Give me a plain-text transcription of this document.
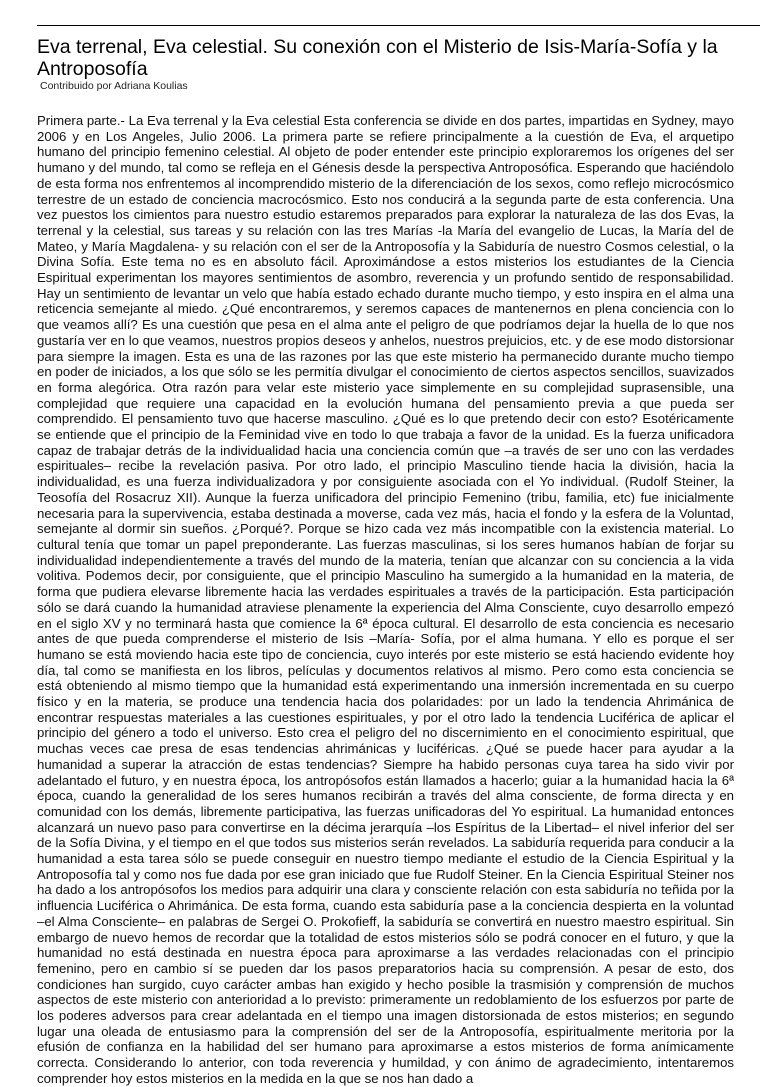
Eva terrenal, Eva celestial. Su conexión con el Misterio de Isis-María-Sofía y la Antroposofía

Contribuido por Adriana Koulias

Primera parte.- La Eva terrenal y la Eva celestial Esta conferencia se divide en dos partes, impartidas en Sydney, mayo 2006 y en Los Angeles, Julio 2006. La primera parte se refiere principalmente a la cuestión de Eva, el arquetipo humano del principio femenino celestial. Al objeto de poder entender este principio exploraremos los orígenes del ser humano y del mundo, tal como se refleja en el Génesis desde la perspectiva Antroposófica. Esperando que haciéndolo de esta forma nos enfrentemos al incomprendido misterio de la diferenciación de los sexos, como reflejo microcósmico terrestre de un estado de conciencia macrocósmico. Esto nos conducirá a la segunda parte de esta conferencia. Una vez puestos los cimientos para nuestro estudio estaremos preparados para explorar la naturaleza de las dos Evas, la terrenal y la celestial, sus tareas y su relación con las tres Marías -la María del evangelio de Lucas, la María del de Mateo, y María Magdalena- y su relación con el ser de la Antroposofía y la Sabiduría de nuestro Cosmos celestial, o la Divina Sofía. Este tema no es en absoluto fácil. Aproximándose a estos misterios los estudiantes de la Ciencia Espiritual experimentan los mayores sentimientos de asombro, reverencia y un profundo sentido de responsabilidad. Hay un sentimiento de levantar un velo que había estado echado durante mucho tiempo, y esto inspira en el alma una reticencia semejante al miedo. ¿Qué encontraremos, y seremos capaces de mantenernos en plena conciencia con lo que veamos allí? Es una cuestión que pesa en el alma ante el peligro de que podríamos dejar la huella de lo que nos gustaría ver en lo que veamos, nuestros propios deseos y anhelos, nuestros prejuicios, etc. y de ese modo distorsionar para siempre la imagen. Esta es una de las razones por las que este misterio ha permanecido durante mucho tiempo en poder de iniciados, a los que sólo se les permitía divulgar el conocimiento de ciertos aspectos sencillos, suavizados en forma alegórica. Otra razón para velar este misterio yace simplemente en su complejidad suprasensible, una complejidad que requiere una capacidad en la evolución humana del pensamiento previa a que pueda ser comprendido. El pensamiento tuvo que hacerse masculino. ¿Qué es lo que pretendo decir con esto? Esotéricamente se entiende que el principio de la Feminidad vive en todo lo que trabaja a favor de la unidad. Es la fuerza unificadora capaz de trabajar detrás de la individualidad hacia una conciencia común que –a través de ser uno con las verdades espirituales– recibe la revelación pasiva. Por otro lado, el principio Masculino tiende hacia la división, hacia la individualidad, es una fuerza individualizadora y por consiguiente asociada con el Yo individual. (Rudolf Steiner, la Teosofía del Rosacruz XII). Aunque la fuerza unificadora del principio Femenino (tribu, familia, etc) fue inicialmente necesaria para la supervivencia, estaba destinada a moverse, cada vez más, hacia el fondo y la esfera de la Voluntad, semejante al dormir sin sueños. ¿Porqué?. Porque se hizo cada vez más incompatible con la existencia material. Lo cultural tenía que tomar un papel preponderante. Las fuerzas masculinas, si los seres humanos habían de forjar su individualidad independientemente a través del mundo de la materia, tenían que alcanzar con su conciencia a la vida volitiva. Podemos decir, por consiguiente, que el principio Masculino ha sumergido a la humanidad en la materia, de forma que pudiera elevarse libremente hacia las verdades espirituales a través de la participación. Esta participación sólo se dará cuando la humanidad atraviese plenamente la experiencia del Alma Consciente, cuyo desarrollo empezó en el siglo XV y no terminará hasta que comience la 6ª época cultural. El desarrollo de esta conciencia es necesario antes de que pueda comprenderse el misterio de Isis –María- Sofía, por el alma humana. Y ello es porque el ser humano se está moviendo hacia este tipo de conciencia, cuyo interés por este misterio se está haciendo evidente hoy día, tal como se manifiesta en los libros, películas y documentos relativos al mismo. Pero como esta conciencia se está obteniendo al mismo tiempo que la humanidad está experimentando una inmersión incrementada en su cuerpo físico y en la materia, se produce una tendencia hacia dos polaridades: por un lado la tendencia Ahrimánica de encontrar respuestas materiales a las cuestiones espirituales, y por el otro lado la tendencia Luciférica de aplicar el principio del género a todo el universo. Esto crea el peligro del no discernimiento en el conocimiento espiritual, que muchas veces cae presa de esas tendencias ahrimánicas y luciféricas. ¿Qué se puede hacer para ayudar a la humanidad a superar la atracción de estas tendencias? Siempre ha habido personas cuya tarea ha sido vivir por adelantado el futuro, y en nuestra época, los antropósofos están llamados a hacerlo; guiar a la humanidad hacia la 6ª época, cuando la generalidad de los seres humanos recibirán a través del alma consciente, de forma directa y en comunidad con los demás, libremente participativa, las fuerzas unificadoras del Yo espiritual. La humanidad entonces alcanzará un nuevo paso para convertirse en la décima jerarquía –los Espíritus de la Libertad– el nivel inferior del ser de la Sofía Divina, y el tiempo en el que todos sus misterios serán revelados. La sabiduría requerida para conducir a la humanidad a esta tarea sólo se puede conseguir en nuestro tiempo mediante el estudio de la Ciencia Espiritual y la Antroposofía tal y como nos fue dada por ese gran iniciado que fue Rudolf Steiner. En la Ciencia Espiritual Steiner nos ha dado a los antropósofos los medios para adquirir una clara y consciente relación con esta sabiduría no teñida por la influencia Luciférica o Ahrimánica. De esta forma, cuando esta sabiduría pase a la conciencia despierta en la voluntad –el Alma Consciente– en palabras de Sergei O. Prokofieff, la sabiduría se convertirá en nuestro maestro espiritual. Sin embargo de nuevo hemos de recordar que la totalidad de estos misterios sólo se podrá conocer en el futuro, y que la humanidad no está destinada en nuestra época para aproximarse a las verdades relacionadas con el principio femenino, pero en cambio sí se pueden dar los pasos preparatorios hacia su comprensión. A pesar de esto, dos condiciones han surgido, cuyo carácter ambas han exigido y hecho posible la trasmisión y comprensión de muchos aspectos de este misterio con anterioridad a lo previsto: primeramente un redoblamiento de los esfuerzos por parte de los poderes adversos para crear adelantada en el tiempo una imagen distorsionada de estos misterios; en segundo lugar una oleada de entusiasmo para la comprensión del ser de la Antroposofía, espiritualmente meritoria por la efusión de confianza en la habilidad del ser humano para aproximarse a estos misterios de forma anímicamente correcta. Considerando lo anterior, con toda reverencia y humildad, y con ánimo de agradecimiento, intentaremos comprender hoy estos misterios en la medida en la que se nos han dado a
